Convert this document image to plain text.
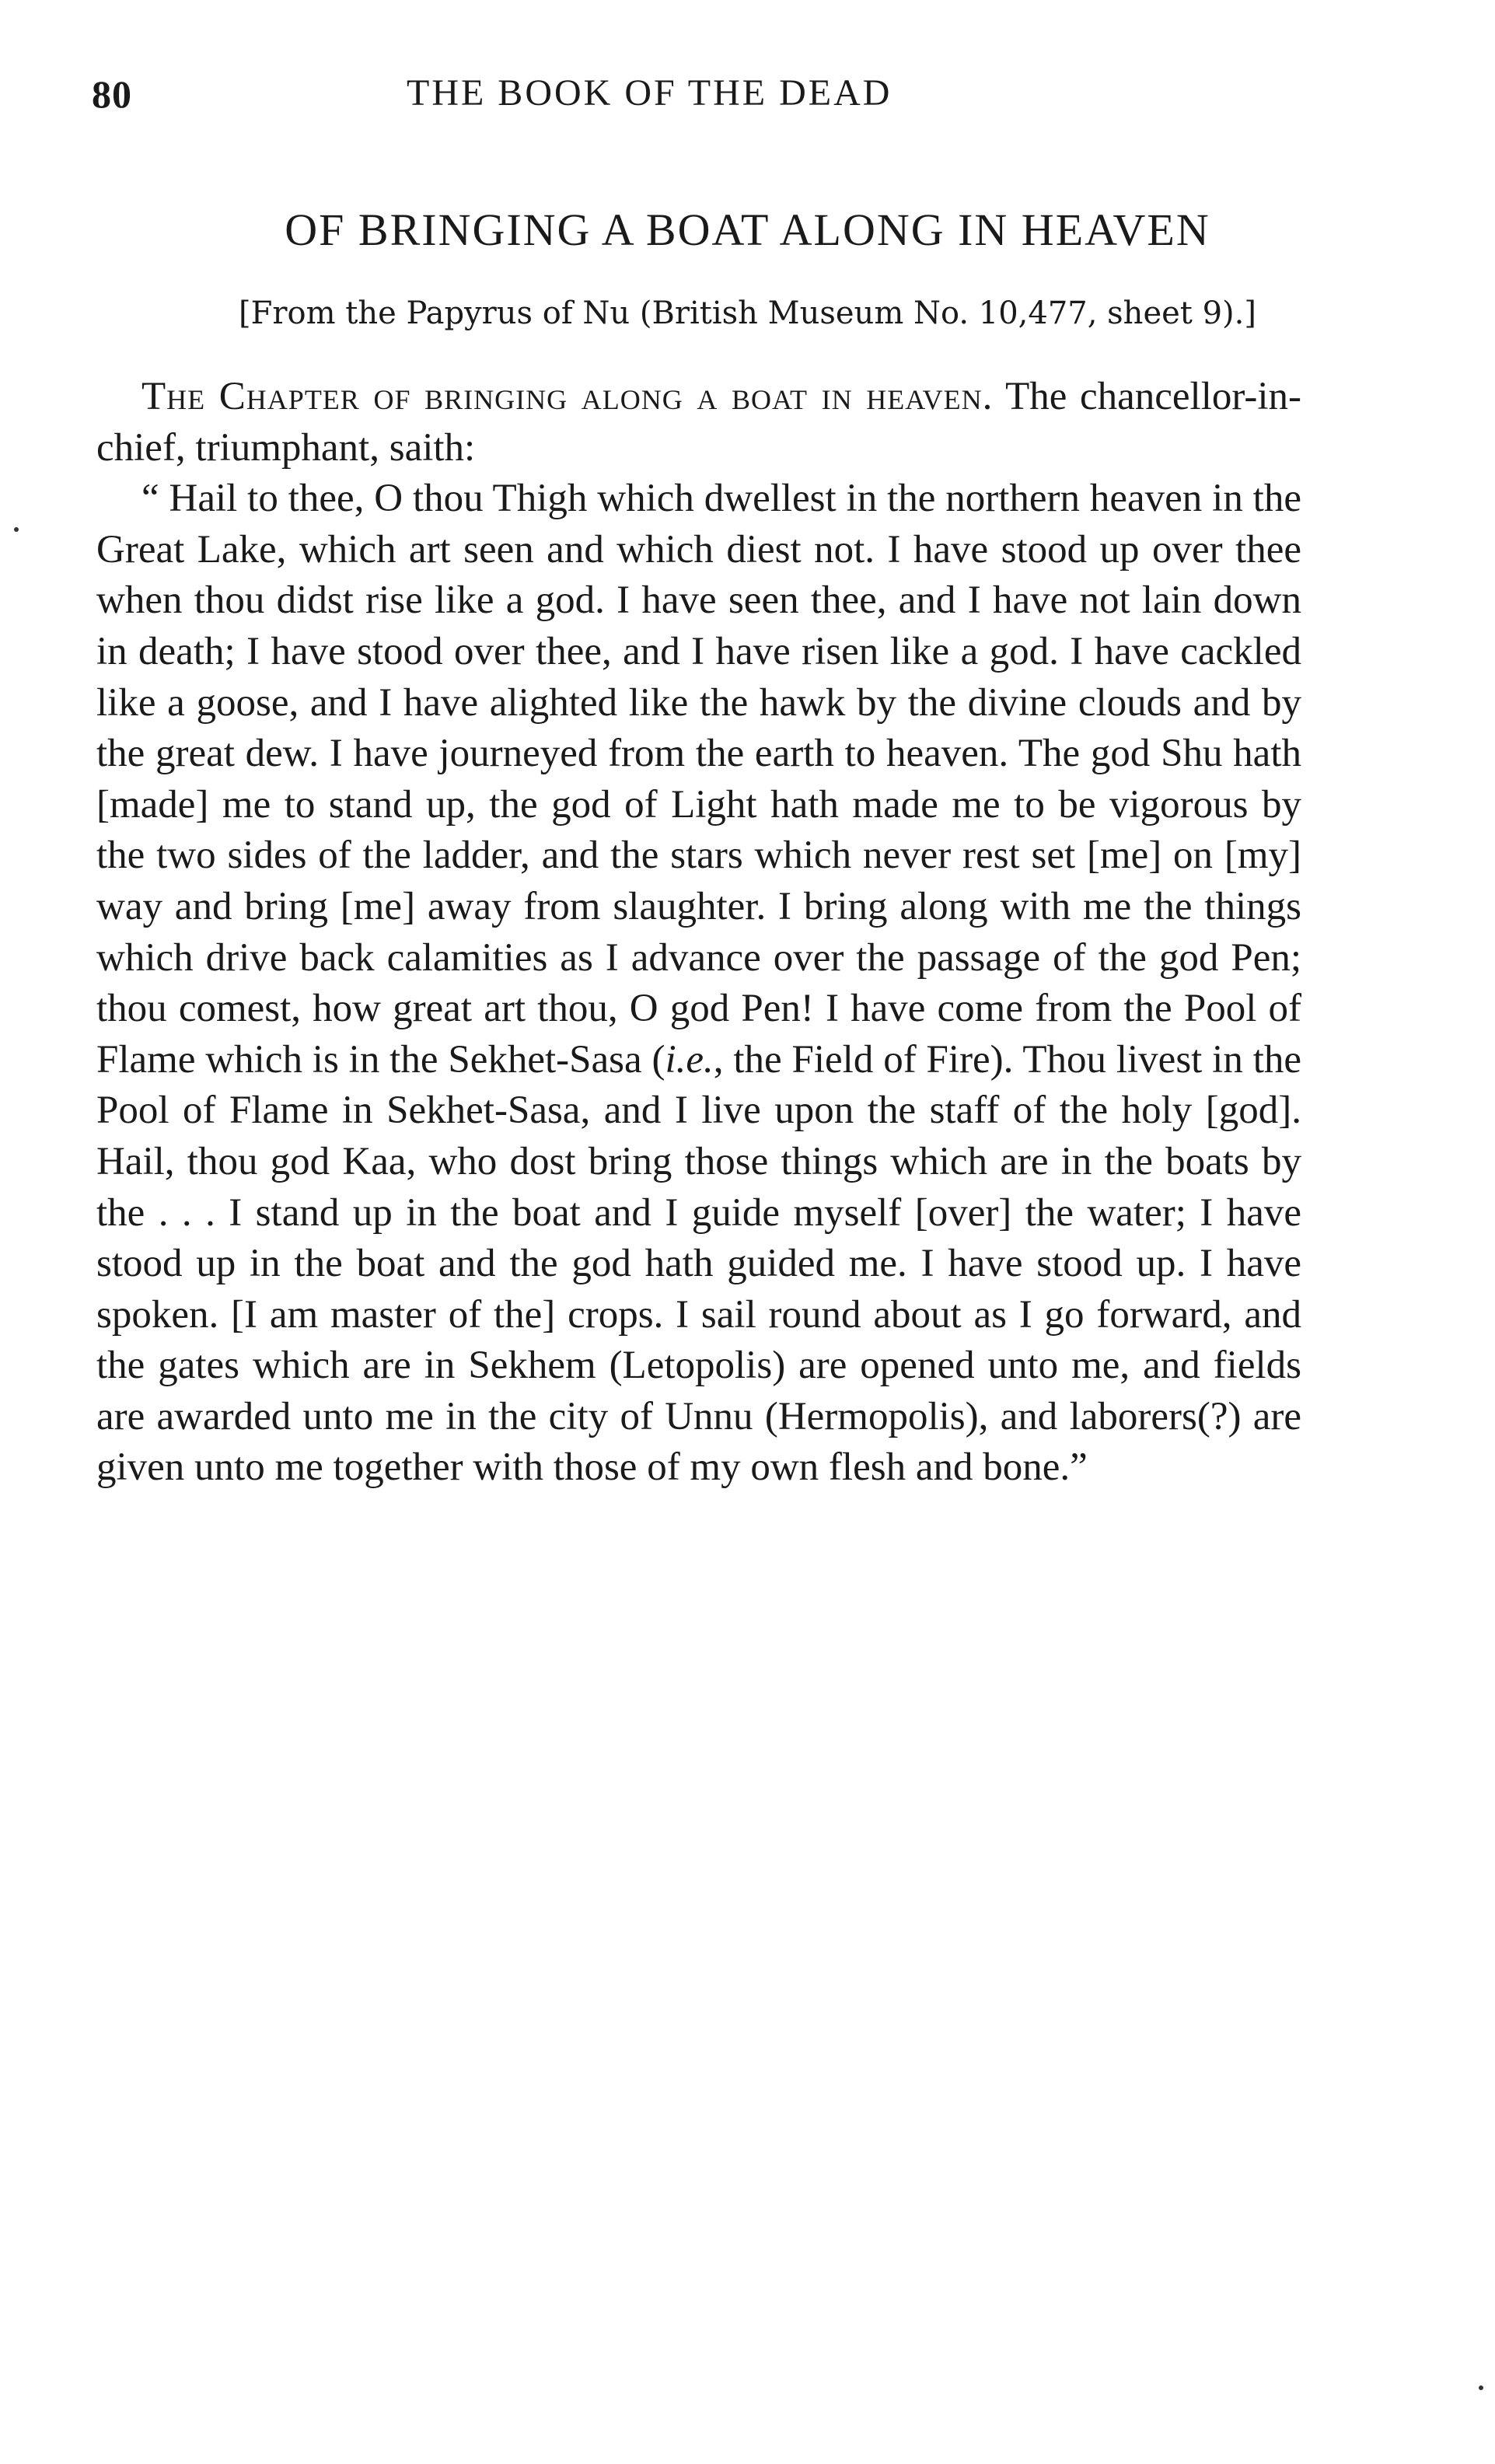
80	THE BOOK OF THE DEAD
OF BRINGING A BOAT ALONG IN HEAVEN
[From the Papyrus of Nu (British Museum No. 10,477, sheet 9).]

The Chapter of bringing along a boat in heaven. The chancellor-in-chief, triumphant, saith:

“ Hail to thee, O thou Thigh which dwellest in the northern heaven in the Great Lake, which art seen and which diest not. I have stood up over thee when thou didst rise like a god. I have seen thee, and I have not lain down in death; I have stood over thee, and I have risen like a god. I have cackled like a goose, and I have alighted like the hawk by the divine clouds and by the great dew. I have journeyed from the earth to heaven. The god Shu hath [made] me to stand up, the god of Light hath made me to be vigorous by the two sides of the ladder, and the stars which never rest set [me] on [my] way and bring [me] away from slaughter. I bring along with me the things which drive back calamities as I advance over the passage of the god Pen; thou comest, how great art thou, O god Pen! I have come from the Pool of Flame which is in the Sekhet-Sasa (i.e., the Field of Fire). Thou livest in the Pool of Flame in Sekhet-Sasa, and I live upon the staff of the holy [god]. Hail, thou god Kaa, who dost bring those things which are in the boats by the . . . I stand up in the boat and I guide myself [over] the water; I have stood up in the boat and the god hath guided me. I have stood up. I have spoken. [I am master of the] crops. I sail round about as I go forward, and the gates which are in Sekhem (Letopolis) are opened unto me, and fields are awarded unto me in the city of Unnu (Hermopolis), and laborers(?) are given unto me together with those of my own flesh and bone.”
